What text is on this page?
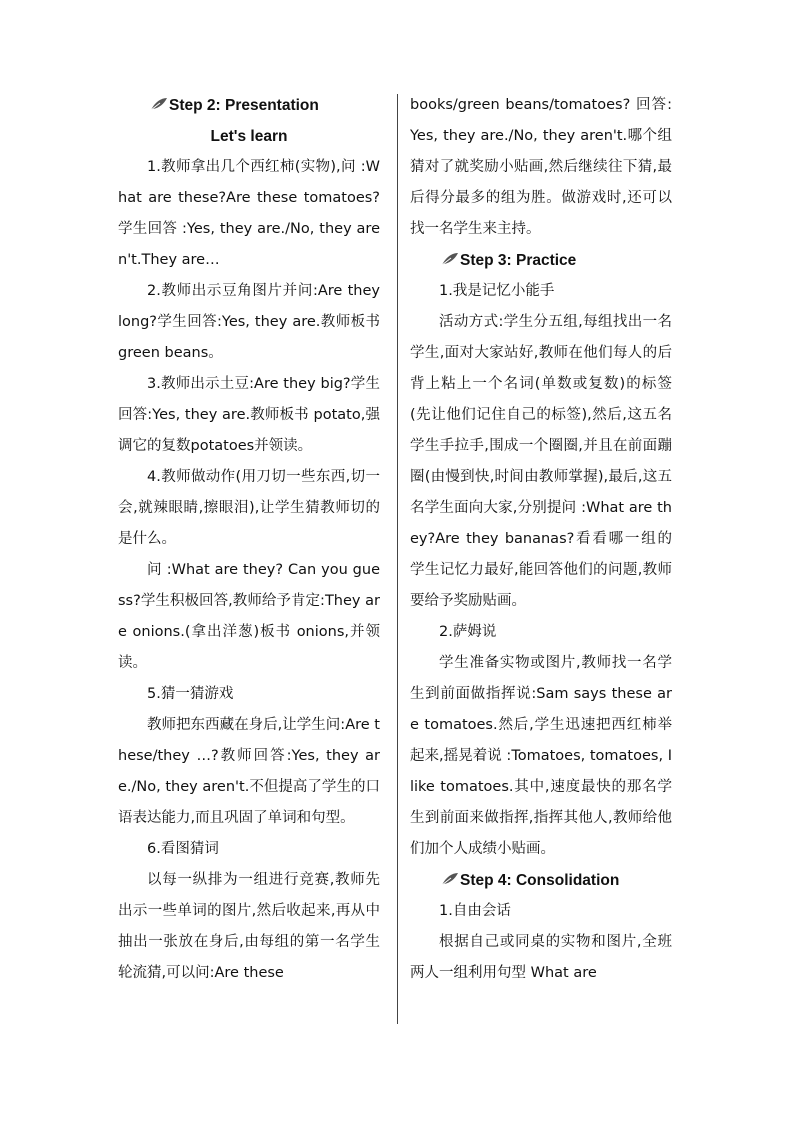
Step 2: Presentation
Let's learn

1.教师拿出几个西红柿(实物),问 :What are these?Are these tomatoes? 学生回答 :Yes, they are./No, they aren't.They are…

2.教师出示豆角图片并问:Are they long?学生回答:Yes, they are.教师板书 green beans。

3.教师出示土豆:Are they big?学生回答:Yes, they are.教师板书 potato,强调它的复数potatoes并领读。

4.教师做动作(用刀切一些东西,切一会,就辣眼睛,擦眼泪),让学生猜教师切的是什么。

问 :What are they? Can you guess?学生积极回答,教师给予肯定:They are onions.(拿出洋葱)板书 onions,并领读。

5.猜一猜游戏

教师把东西藏在身后,让学生问:Are these/they …?教师回答:Yes, they are./No, they aren't.不但提高了学生的口语表达能力,而且巩固了单词和句型。

6.看图猜词

以每一纵排为一组进行竞赛,教师先出示一些单词的图片,然后收起来,再从中抽出一张放在身后,由每组的第一名学生轮流猜,可以问:Are these

books/green beans/tomatoes? 回答:Yes, they are./No, they aren't.哪个组猜对了就奖励小贴画,然后继续往下猜,最后得分最多的组为胜。做游戏时,还可以找一名学生来主持。

Step 3: Practice

1.我是记忆小能手

活动方式:学生分五组,每组找出一名学生,面对大家站好,教师在他们每人的后背上粘上一个名词(单数或复数)的标签(先让他们记住自己的标签),然后,这五名学生手拉手,围成一个圈圈,并且在前面蹦圈(由慢到快,时间由教师掌握),最后,这五名学生面向大家,分别提问 :What are they?Are they bananas?看看哪一组的学生记忆力最好,能回答他们的问题,教师要给予奖励贴画。

2.萨姆说

学生准备实物或图片,教师找一名学生到前面做指挥说:Sam says these are tomatoes.然后,学生迅速把西红柿举起来,摇晃着说 :Tomatoes, tomatoes, I like tomatoes.其中,速度最快的那名学生到前面来做指挥,指挥其他人,教师给他们加个人成绩小贴画。

Step 4: Consolidation

1.自由会话

根据自己或同桌的实物和图片,全班两人一组利用句型 What are
